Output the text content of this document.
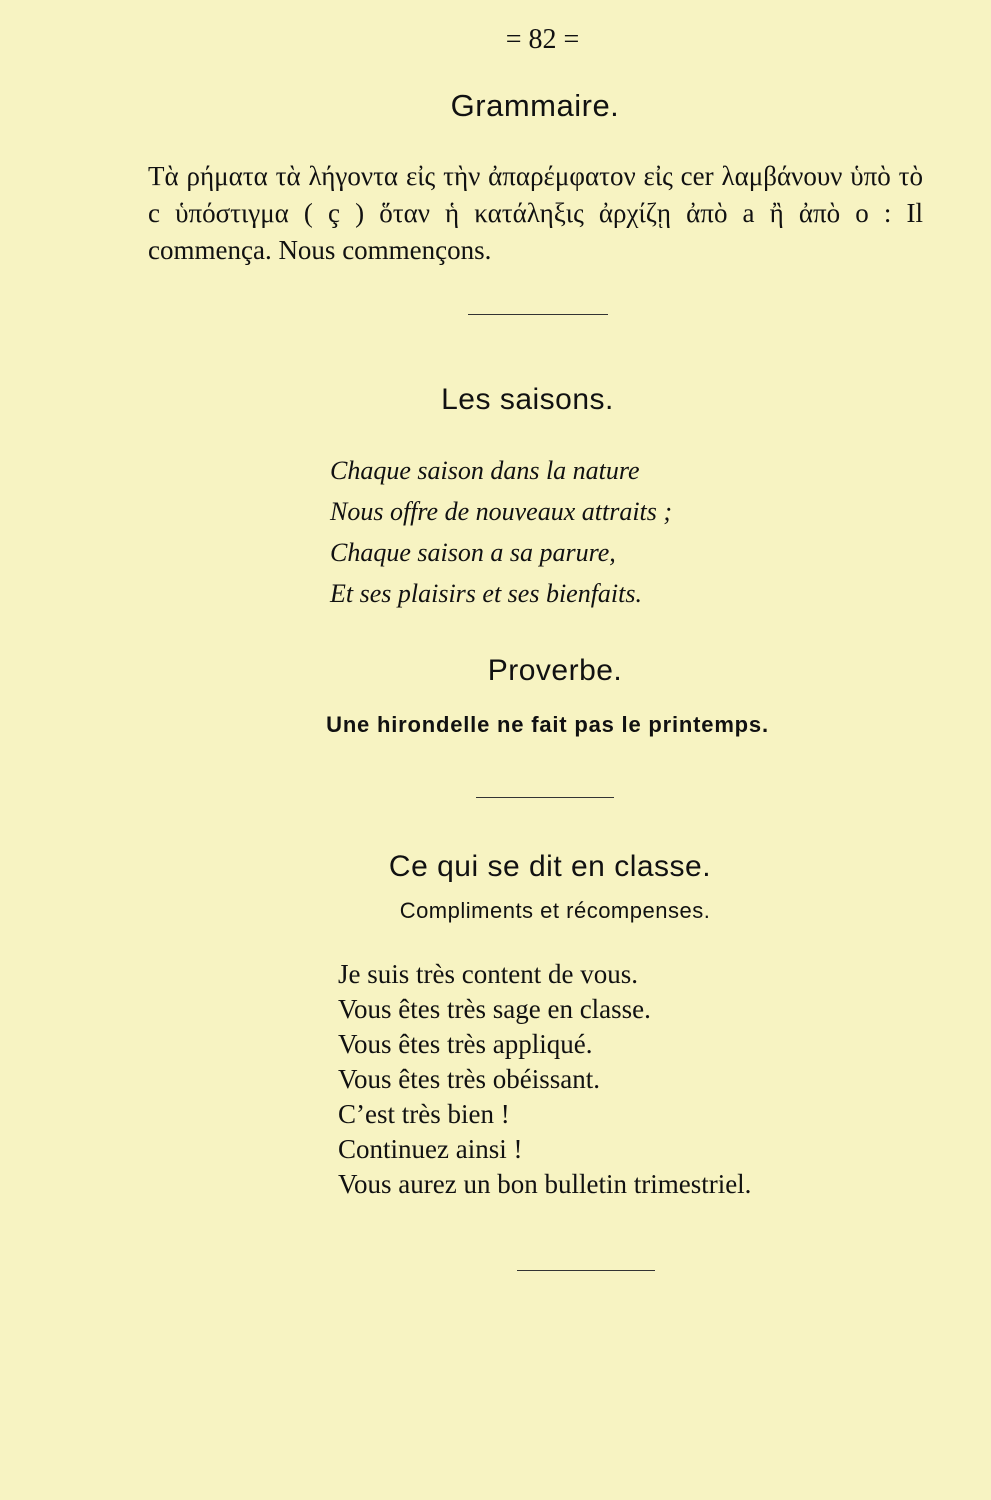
= 82 =
Grammaire.
Τὰ ρήματα τὰ λήγοντα εἰς τὴν ἀπαρέμφατον εἰς cer λαμβάνουν ὑπὸ τὸ c ὑπόστιγμα ( ç ) ὅταν ἡ κατάληξις ἀρχίζῃ ἀπὸ a ἢ ἀπὸ o : Il commença. Nous commençons.
Les saisons.
Chaque saison dans la nature
Nous offre de nouveaux attraits ;
Chaque saison a sa parure,
Et ses plaisirs et ses bienfaits.
Proverbe.
Une hirondelle ne fait pas le printemps.
Ce qui se dit en classe.
Compliments et récompenses.
Je suis très content de vous.
Vous êtes très sage en classe.
Vous êtes très appliqué.
Vous êtes très obéissant.
C’est très bien !
Continuez ainsi !
Vous aurez un bon bulletin trimestriel.
